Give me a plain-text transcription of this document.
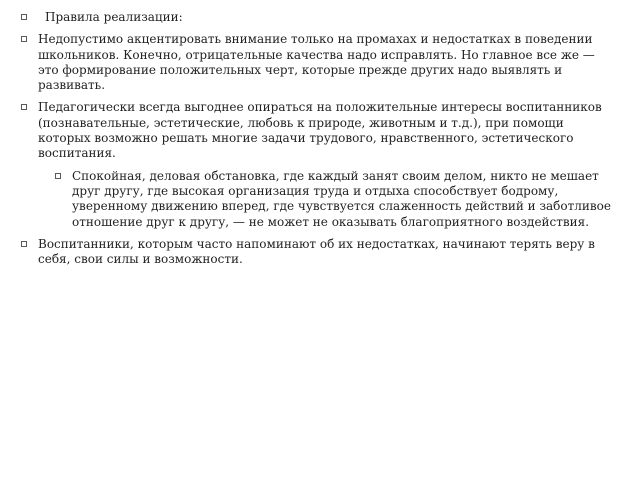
Правила реализации:
Недопустимо акцентировать внимание только на промахах и недостатках в поведении школьников. Конечно, отрицательные качества надо исправлять. Но главное все же — это формирование положительных черт, которые прежде других надо выявлять и развивать.
Педагогически всегда выгоднее опираться на положительные интересы воспитанников (познавательные, эстетические, любовь к природе, животным и т.д.), при помощи которых возможно решать многие задачи трудового, нравственного, эстетического воспитания.
Спокойная, деловая обстановка, где каждый занят своим делом, никто не мешает друг другу, где высокая организация труда и отдыха способствует бодрому, уверенному движению вперед, где чувствуется слаженность действий и заботливое отношение друг к другу, — не может не оказывать благоприятного воздействия.
Воспитанники, которым часто напоминают об их недостатках, начинают терять веру в себя, свои силы и возможности.
